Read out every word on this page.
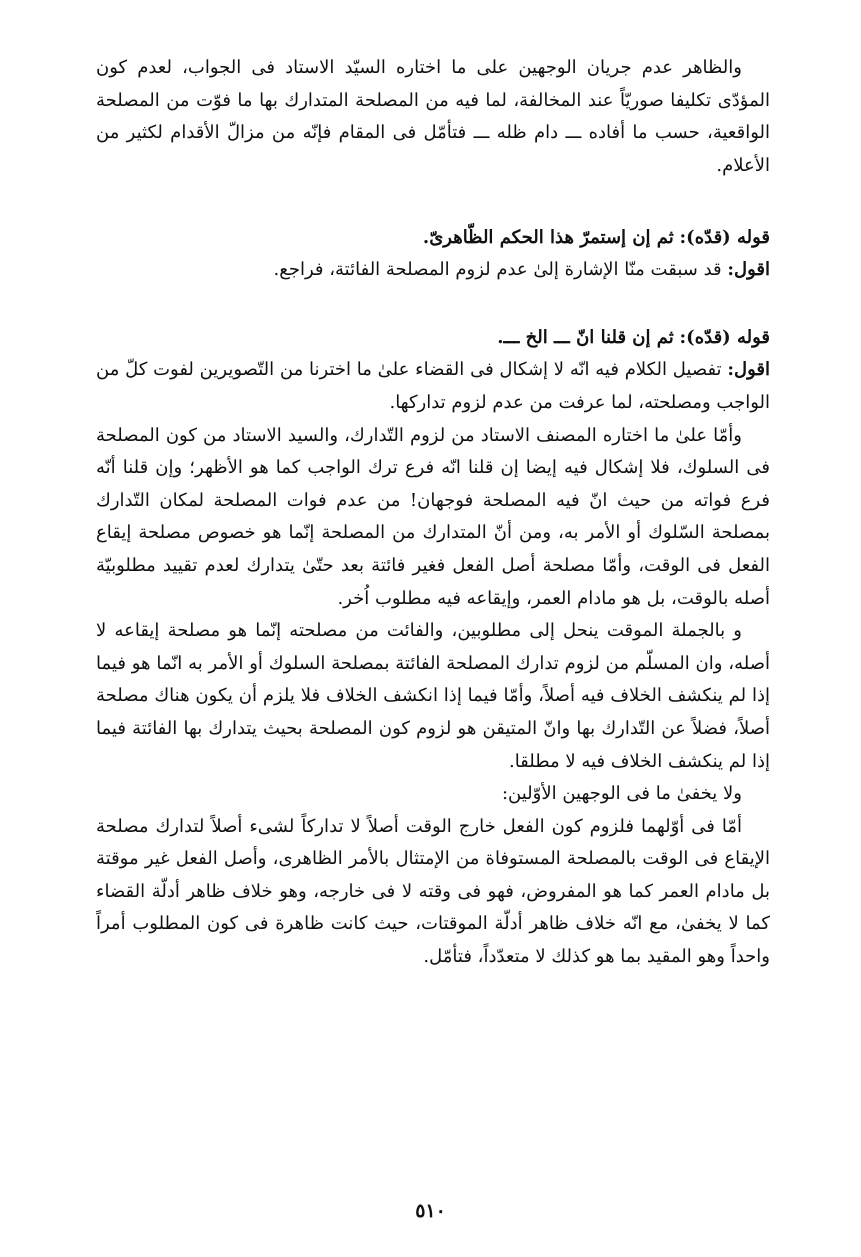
والظاهر عدم جريان الوجهين على ما اختاره السيّد الاستاد فى الجواب، لعدم كون المؤدّى تكليفا صوريّاً عند المخالفة، لما فيه من المصلحة المتدارك بها ما فوّت من المصلحة الواقعية، حسب ما أفاده ـــ دام ظله ـــ فتأمّل فى المقام فإنّه من مزالّ الأقدام لكثير من الأعلام.

قوله (قدّه): ثم إن إستمرّ هذا الحكم الظّاهرىّ.
اقول: قد سبقت منّا الإشارة إلىٰ عدم لزوم المصلحة الفائتة، فراجع.
قوله (قدّه): ثم إن قلنا انّ ـــ الخ ـــ.

اقول: تفصيل الكلام فيه انّه لا إشكال فى القضاء علىٰ ما اخترنا من التّصويرين لفوت كلّ من الواجب ومصلحته، لما عرفت من عدم لزوم تداركها.

وأمّا علىٰ ما اختاره المصنف الاستاد من لزوم التّدارك، والسيد الاستاد من كون المصلحة فى السلوك، فلا إشكال فيه إيضا إن قلنا انّه فرع ترك الواجب كما هو الأظهر؛ وإن قلنا أنّه فرع فواته من حيث انّ فيه المصلحة فوجهان! من عدم فوات المصلحة لمكان التّدارك بمصلحة السّلوك أو الأمر به، ومن أنّ المتدارك من المصلحة إنّما هو خصوص مصلحة إيقاع الفعل فى الوقت، وأمّا مصلحة أصل الفعل فغير فائتة بعد حتّىٰ يتدارك لعدم تقييد مطلوبيّة أصله بالوقت، بل هو مادام العمر، وإيقاعه فيه مطلوب اُخر.

و بالجملة الموقت ينحل إلى مطلوبين، والفائت من مصلحته إنّما هو مصلحة إيقاعه لا أصله، وان المسلّم من لزوم تدارك المصلحة الفائتة بمصلحة السلوك أو الأمر به انّما هو فيما إذا لم ينكشف الخلاف فيه أصلاً، وأمّا فيما إذا انكشف الخلاف فلا يلزم أن يكون هناك مصلحة أصلاً، فضلاً عن التّدارك بها وانّ المتيقن هو لزوم كون المصلحة بحيث يتدارك بها الفائتة فيما إذا لم ينكشف الخلاف فيه لا مطلقا.

ولا يخفىٰ ما فى الوجهين الأوّلين:

أمّا فى أوّلهما فلزوم كون الفعل خارج الوقت أصلاً لا تداركاً لشىء أصلاً لتدارك مصلحة الإيقاع فى الوقت بالمصلحة المستوفاة من الإمتثال بالأمر الظاهرى، وأصل الفعل غير موقتة بل مادام العمر كما هو المفروض، فهو فى وقته لا فى خارجه، وهو خلاف ظاهر أدلّة القضاء كما لا يخفىٰ، مع انّه خلاف ظاهر أدلّة الموقتات، حيث كانت ظاهرة فى كون المطلوب أمراً واحداً وهو المقيد بما هو كذلك لا متعدّداً، فتأمّل.

٥١٠
